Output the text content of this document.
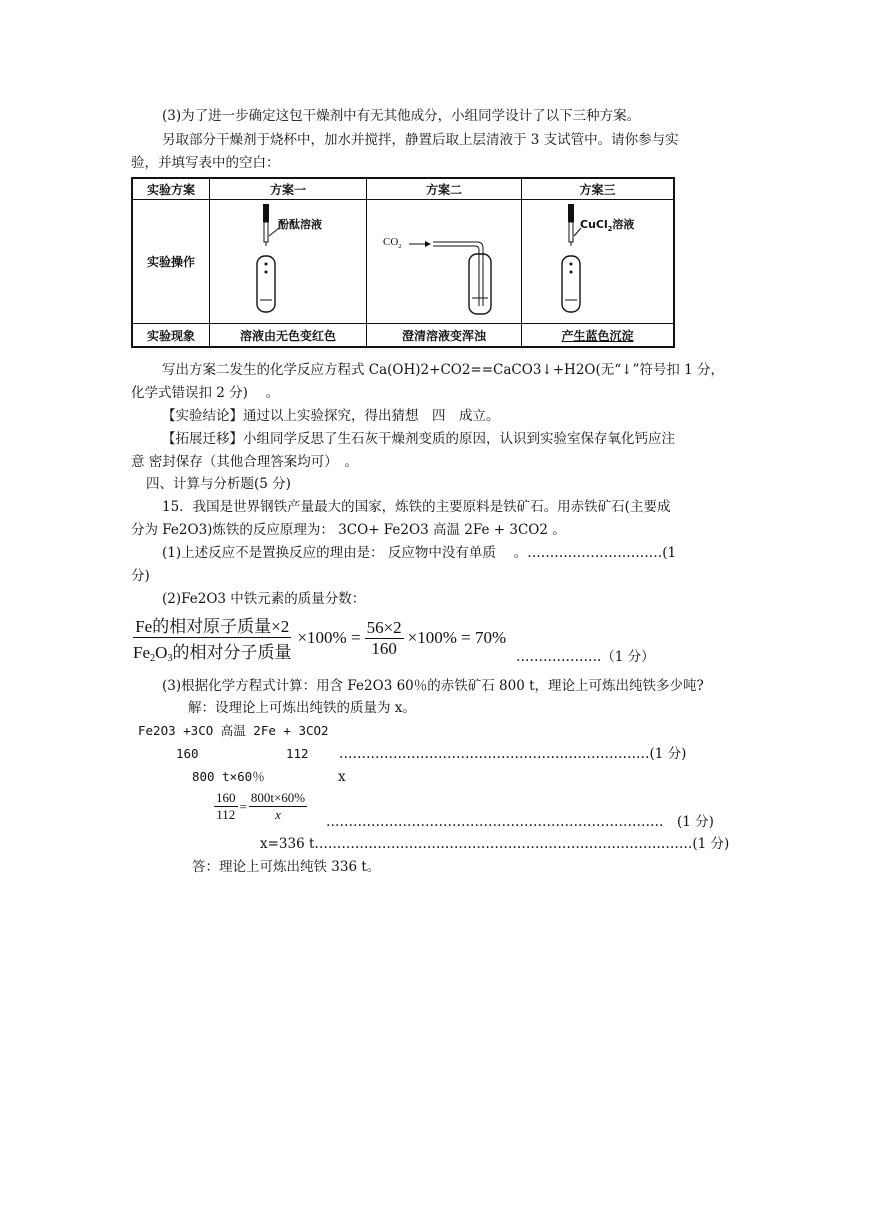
(3)为了进一步确定这包干燥剂中有无其他成分，小组同学设计了以下三种方案。
另取部分干燥剂于烧杯中，加水并搅拌，静置后取上层清液于 3 支试管中。请你参与实
验，并填写表中的空白：
实验方案	方案一	方案二	方案三
实验操作	酚酞溶液	$CO_2$	CuCl$_2$溶液

实验现象	溶液由无色变红色	澄清溶液变浑浊	产生蓝色沉淀
写出方案二发生的化学反应方程式 Ca(OH)2+CO2==CaCO3↓+H2O(无“↓”符号扣 1 分，
化学式错误扣 2 分)　 。
【实验结论】通过以上实验探究，得出猜想　四　成立。
【拓展迁移】小组同学反思了生石灰干燥剂变质的原因，认识到实验室保存氧化钙应注
意 密封保存（其他合理答案均可）　。
四、计算与分析题(5 分)
15．我国是世界钢铁产量最大的国家，炼铁的主要原料是铁矿石。用赤铁矿石(主要成
分为 Fe2O3)炼铁的反应原理为： 3CO+ Fe2O3 高温 2Fe + 3CO2 。
(1)上述反应不是置换反应的理由是： 反应物中没有单质　 。…………………………(1
分)
(2)Fe2O3 中铁元素的质量分数：
$\frac{\text{Fe的相对原子质量×2}}{Fe_2O_3的相对分子质量} \times 100\% = \frac{56\times 2}{160} \times 100\% = 70\%$
……………….（1 分）
(3)根据化学方程式计算：用含 Fe2O3 60％的赤铁矿石 800 t，理论上可炼出纯铁多少吨?
解：设理论上可炼出纯铁的质量为 x。
Fe2O3 +3CO 高温 2Fe + 3CO2
160	112 ……………………………………………………………(1 分)
800 t×60％	x
$\frac{160}{112} = \frac{800t\times 60\%}{x}$ …………………………………………………………………　(1 分)
x=336 t…………………………………………………………………………(1 分)
答：理论上可炼出纯铁 336 t。
